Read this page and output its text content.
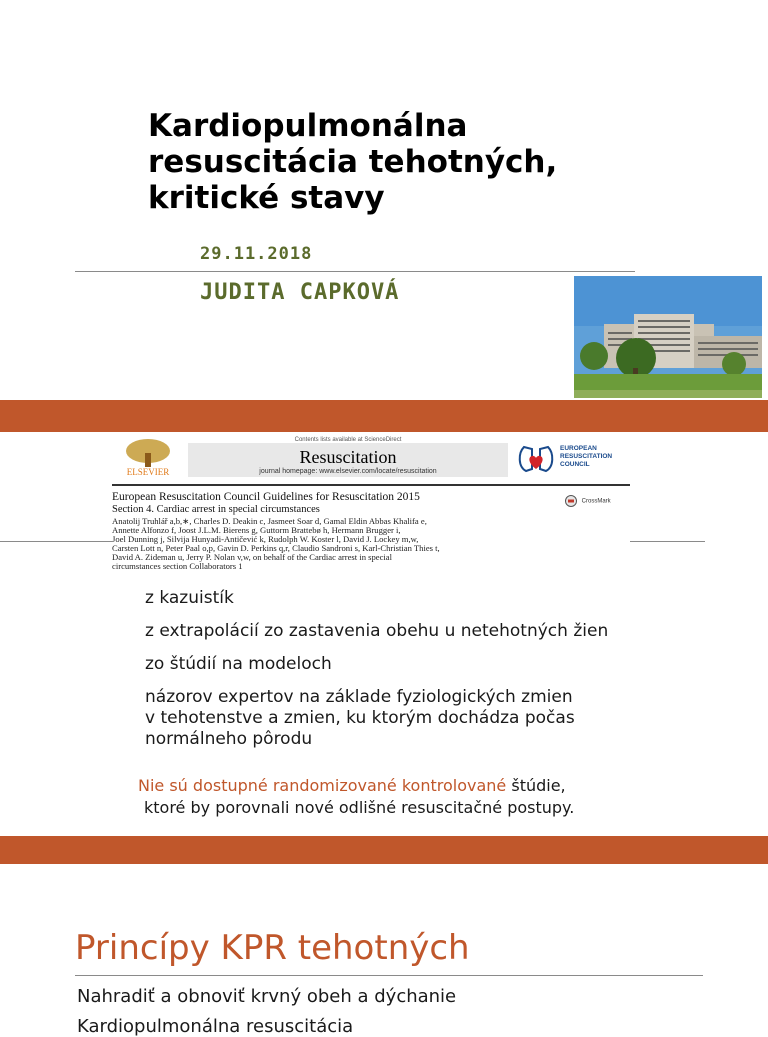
Kardiopulmonálna
resuscitácia tehotných,
kritické stavy
29.11.2018
JUDITA CAPKOVÁ
ELSEVIER
Contents lists available at ScienceDirect
Resuscitation
journal homepage: www.elsevier.com/locate/resuscitation
EUROPEAN
RESUSCITATION
COUNCIL
European Resuscitation Council Guidelines for Resuscitation 2015
Section 4. Cardiac arrest in special circumstances
CrossMark
Anatolij Truhlář a,b,∗, Charles D. Deakin c, Jasmeet Soar d, Gamal Eldin Abbas Khalifa e,
Annette Alfonzo f, Joost J.L.M. Bierens g, Guttorm Brattebø h, Hermann Brugger i,
Joel Dunning j, Silvija Hunyadi-Antičević k, Rudolph W. Koster l, David J. Lockey m,w,
Carsten Lott n, Peter Paal o,p, Gavin D. Perkins q,r, Claudio Sandroni s, Karl-Christian Thies t,
David A. Zideman u, Jerry P. Nolan v,w, on behalf of the Cardiac arrest in special
circumstances section Collaborators 1
z kazuistík
z extrapolácií zo zastavenia obehu u netehotných žien
zo štúdií na modeloch
názorov expertov na základe fyziologických zmien
v tehotenstve a zmien, ku ktorým dochádza počas
normálneho pôrodu
Nie sú dostupné randomizované kontrolované štúdie,
ktoré by porovnali nové odlišné resuscitačné postupy.
Princípy KPR tehotných
Nahradiť a obnoviť krvný obeh a dýchanie
Kardiopulmonálna resuscitácia
